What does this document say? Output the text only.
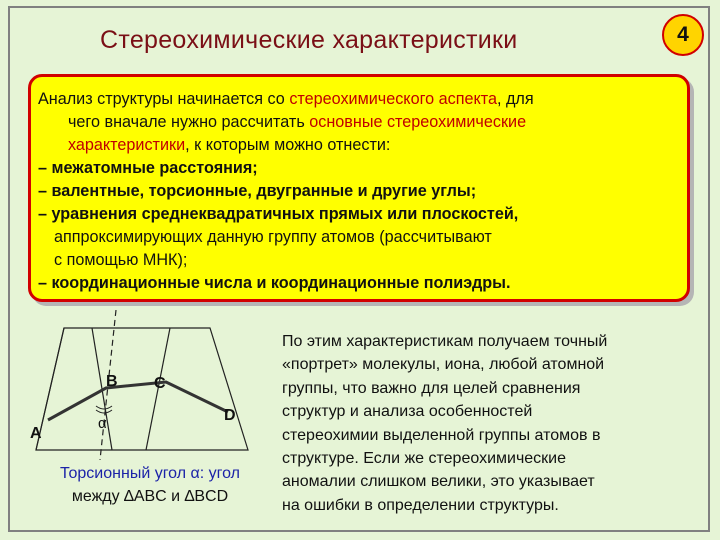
Стереохимические характеристики	4
Анализ структуры начинается со стереохимического аспекта, для
чего вначале нужно рассчитать основные стереохимические
характеристики, к которым можно отнести:
– межатомные расстояния;
– валентные, торсионные, двугранные и другие углы;
– уравнения среднеквадратичных прямых или плоскостей,
аппроксимирующих данную группу атомов (рассчитывают
с помощью МНК);
– координационные числа и координационные полиэдры.
A
B C
D
α
Торсионный угол α: угол
между ∆ABC и ∆BCD
По этим характеристикам получаем точный
«портрет» молекулы, иона, любой атомной
группы, что важно для целей сравнения
структур и анализа особенностей
стереохимии выделенной группы атомов в
структуре. Если же стереохимические
аномалии слишком велики, это указывает
на ошибки в определении структуры.
